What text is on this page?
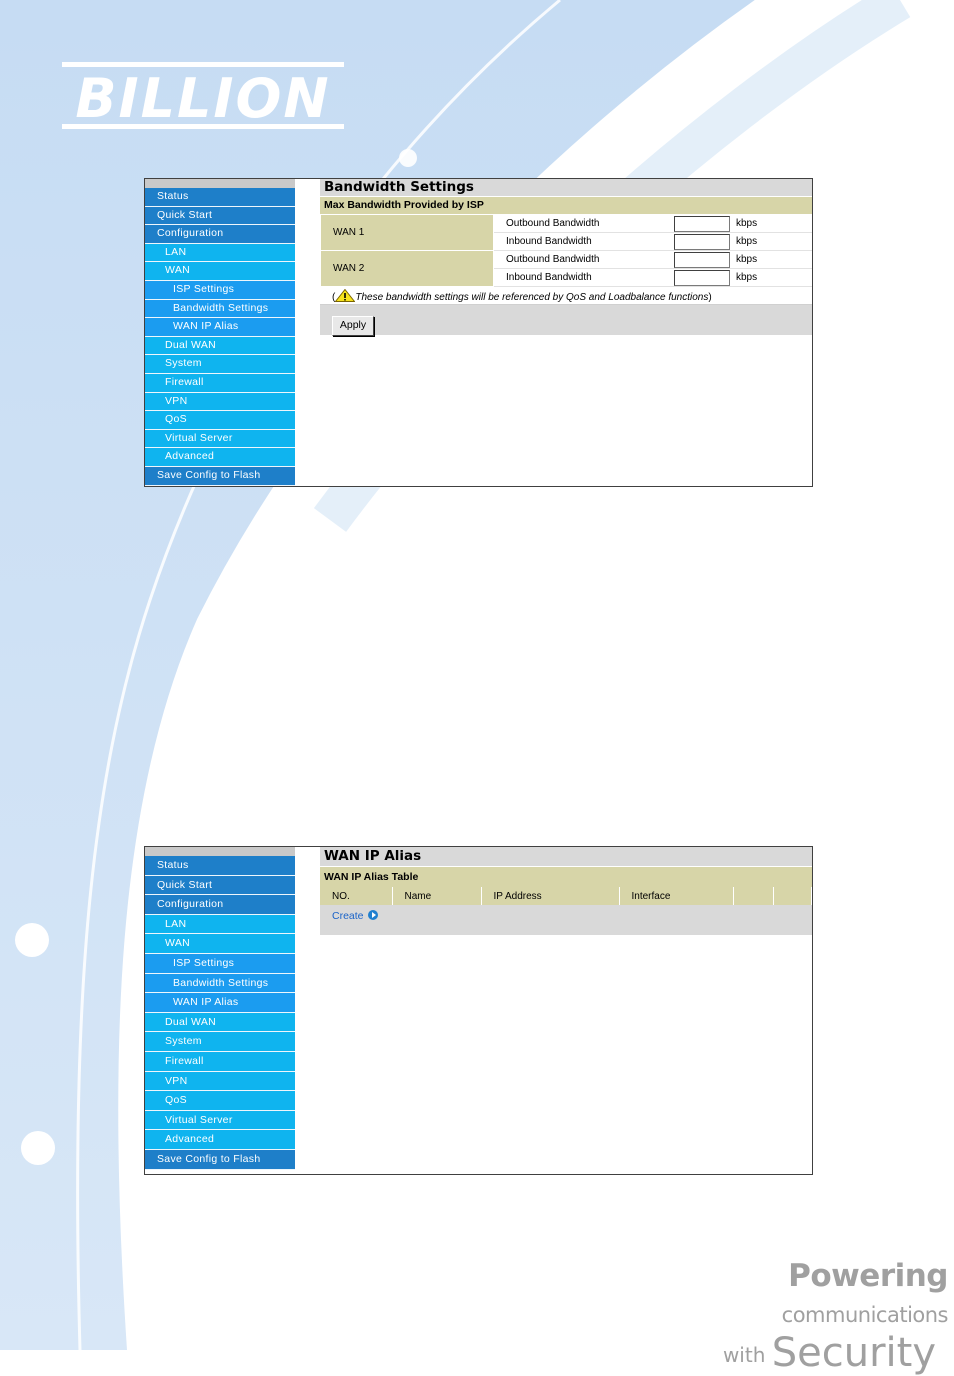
BILLION
Powering communications
with Security
Status
Quick Start
Configuration
LAN
WAN
ISP Settings
Bandwidth Settings
WAN IP Alias
Dual WAN
System
Firewall
VPN
QoS
Virtual Server
Advanced
Save Config to Flash
Bandwidth Settings
Max Bandwidth Provided by ISP
WAN 1	Outbound Bandwidth	kbps
	Inbound Bandwidth	kbps
WAN 2	Outbound Bandwidth	kbps
	Inbound Bandwidth	kbps
( These bandwidth settings will be referenced by QoS and Loadbalance functions)
Apply
Status
Quick Start
Configuration
LAN
WAN
ISP Settings
Bandwidth Settings
WAN IP Alias
Dual WAN
System
Firewall
VPN
QoS
Virtual Server
Advanced
Save Config to Flash
WAN IP Alias
WAN IP Alias Table
NO.	Name	IP Address	Interface		
Create
